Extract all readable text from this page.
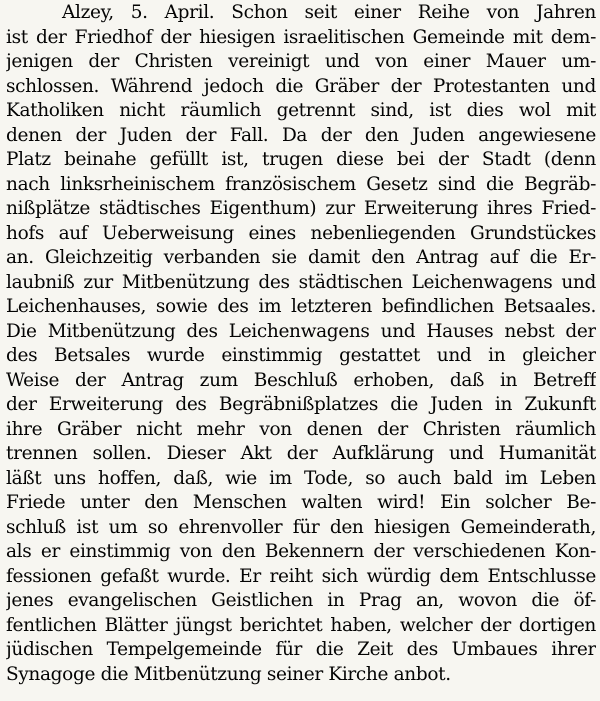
Alzey, 5. April. Schon seit einer Reihe von Jahren
ist der Friedhof der hiesigen israelitischen Gemeinde mit dem-
jenigen der Christen vereinigt und von einer Mauer um-
schlossen. Während jedoch die Gräber der Protestanten und
Katholiken nicht räumlich getrennt sind, ist dies wol mit
denen der Juden der Fall. Da der den Juden angewiesene
Platz beinahe gefüllt ist, trugen diese bei der Stadt (denn
nach linksrheinischem französischem Gesetz sind die Begräb-
nißplätze städtisches Eigenthum) zur Erweiterung ihres Fried-
hofs auf Ueberweisung eines nebenliegenden Grundstückes
an. Gleichzeitig verbanden sie damit den Antrag auf die Er-
laubniß zur Mitbenützung des städtischen Leichenwagens und
Leichenhauses, sowie des im letzteren befindlichen Betsaales.
Die Mitbenützung des Leichenwagens und Hauses nebst der
des Betsales wurde einstimmig gestattet und in gleicher
Weise der Antrag zum Beschluß erhoben, daß in Betreff
der Erweiterung des Begräbnißplatzes die Juden in Zukunft
ihre Gräber nicht mehr von denen der Christen räumlich
trennen sollen. Dieser Akt der Aufklärung und Humanität
läßt uns hoffen, daß, wie im Tode, so auch bald im Leben
Friede unter den Menschen walten wird! Ein solcher Be-
schluß ist um so ehrenvoller für den hiesigen Gemeinderath,
als er einstimmig von den Bekennern der verschiedenen Kon-
fessionen gefaßt wurde. Er reiht sich würdig dem Entschlusse
jenes evangelischen Geistlichen in Prag an, wovon die öf-
fentlichen Blätter jüngst berichtet haben, welcher der dortigen
jüdischen Tempelgemeinde für die Zeit des Umbaues ihrer
Synagoge die Mitbenützung seiner Kirche anbot.
